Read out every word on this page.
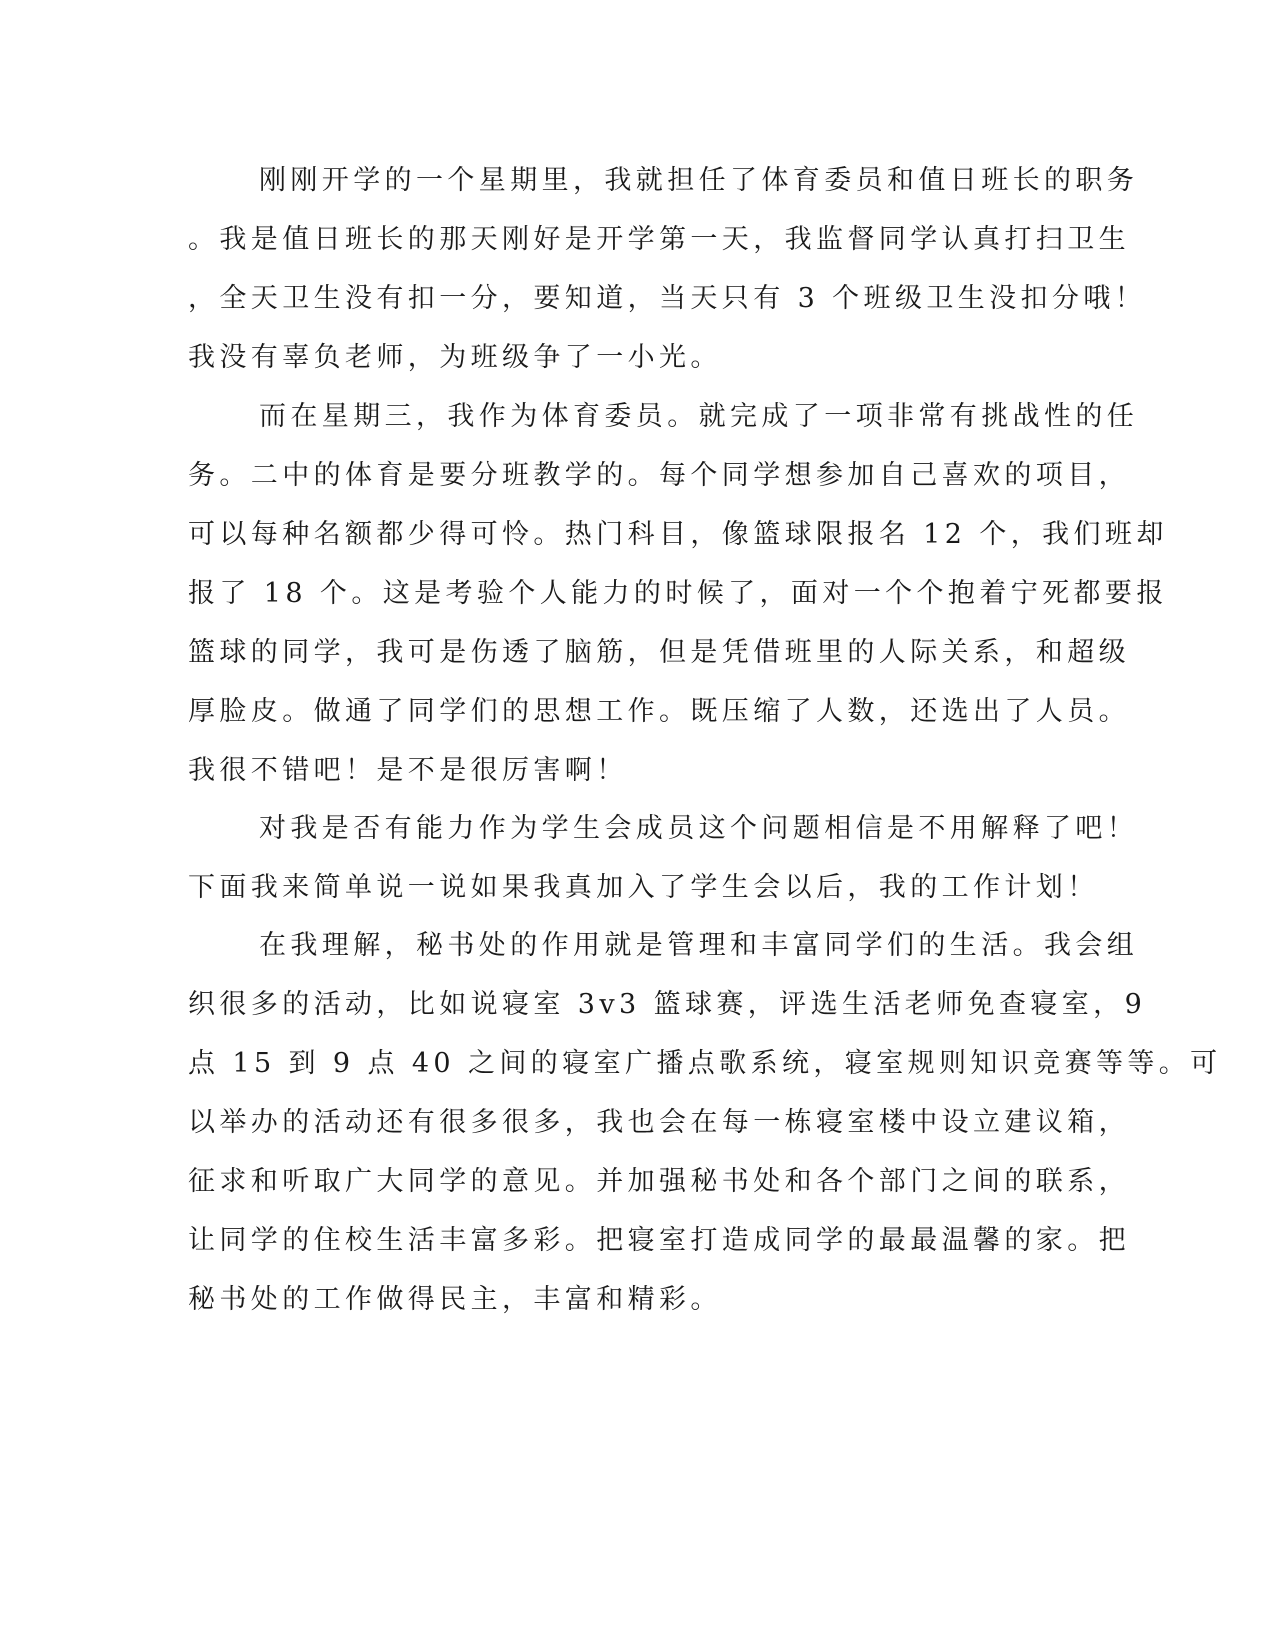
刚刚开学的一个星期里，我就担任了体育委员和值日班长的职务
。我是值日班长的那天刚好是开学第一天，我监督同学认真打扫卫生
，全天卫生没有扣一分，要知道，当天只有 3 个班级卫生没扣分哦！
我没有辜负老师，为班级争了一小光。
而在星期三，我作为体育委员。就完成了一项非常有挑战性的任
务。二中的体育是要分班教学的。每个同学想参加自己喜欢的项目，
可以每种名额都少得可怜。热门科目，像篮球限报名 12 个，我们班却
报了 18 个。这是考验个人能力的时候了，面对一个个抱着宁死都要报
篮球的同学，我可是伤透了脑筋，但是凭借班里的人际关系，和超级
厚脸皮。做通了同学们的思想工作。既压缩了人数，还选出了人员。
我很不错吧！是不是很厉害啊！
对我是否有能力作为学生会成员这个问题相信是不用解释了吧！
下面我来简单说一说如果我真加入了学生会以后，我的工作计划！
在我理解，秘书处的作用就是管理和丰富同学们的生活。我会组
织很多的活动，比如说寝室 3v3 篮球赛，评选生活老师免查寝室，9
点 15 到 9 点 40 之间的寝室广播点歌系统，寝室规则知识竞赛等等。可
以举办的活动还有很多很多，我也会在每一栋寝室楼中设立建议箱，
征求和听取广大同学的意见。并加强秘书处和各个部门之间的联系，
让同学的住校生活丰富多彩。把寝室打造成同学的最最温馨的家。把
秘书处的工作做得民主，丰富和精彩。
